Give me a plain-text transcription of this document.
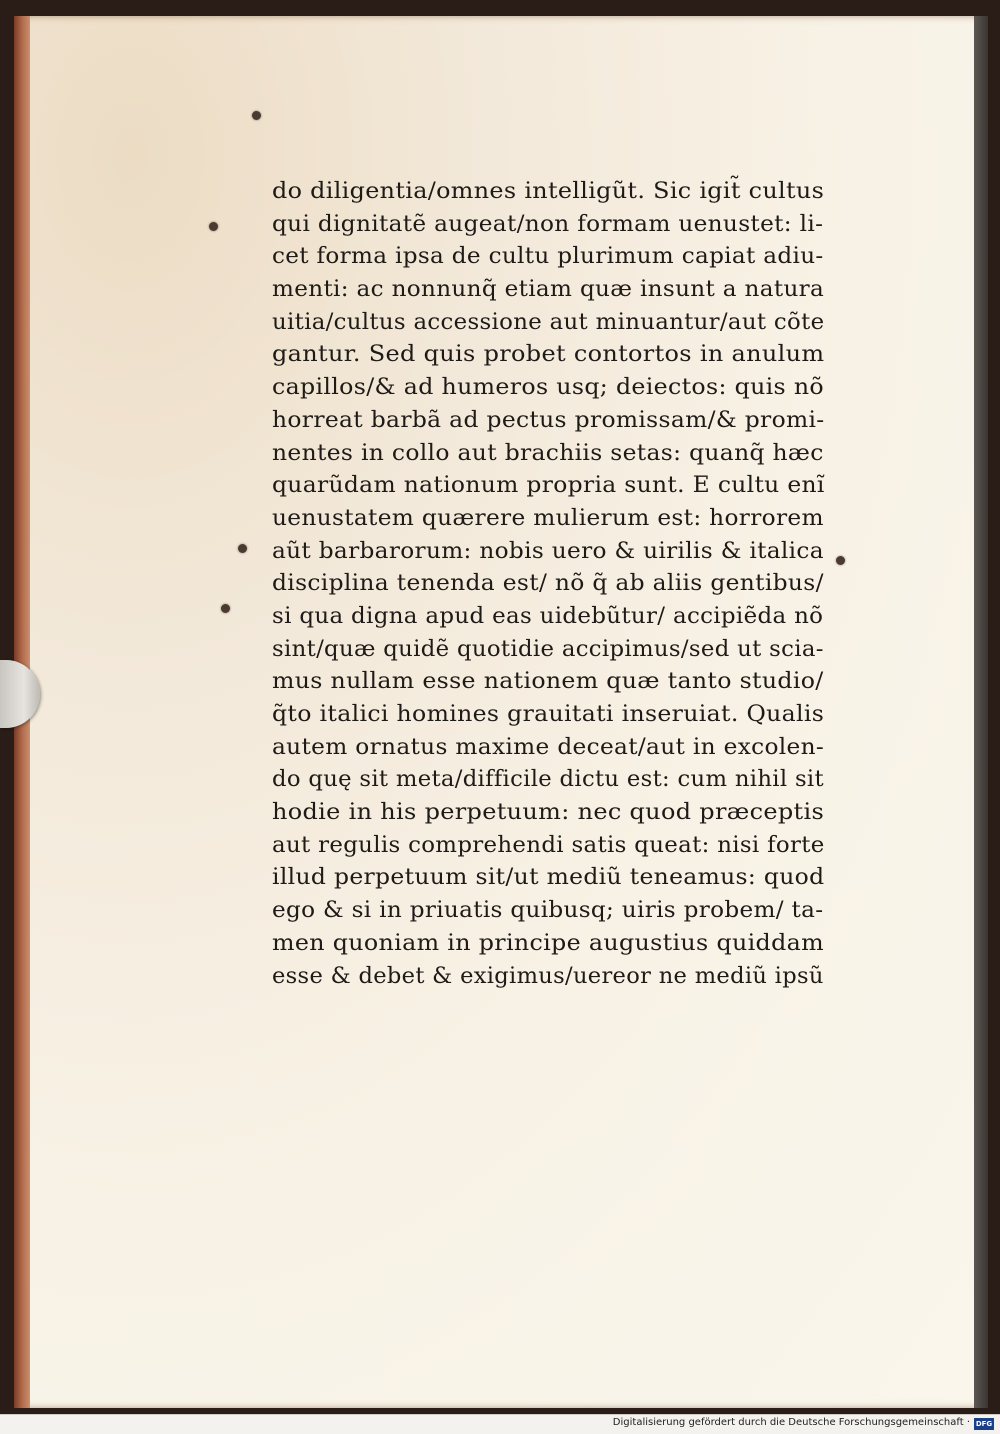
do diligentia/omnes intelligũt. Sic igit̃ cultus
qui dignitatẽ augeat/non formam uenustet: li-
cet forma ipsa de cultu plurimum capiat adiu-
menti: ac nonnunq̃ etiam quæ insunt a natura
uitia/cultus accessione aut minuantur/aut cõte
gantur. Sed quis probet contortos in anulum
capillos/& ad humeros usq; deiectos: quis nõ
horreat barbã ad pectus promissam/& promi-
nentes in collo aut brachiis setas: quanq̃ hæc
quarũdam nationum propria sunt. E cultu enĩ
uenustatem quærere mulierum est: horrorem
aũt barbarorum: nobis uero & uirilis & italica
disciplina tenenda est/ nõ q̃ ab aliis gentibus/
si qua digna apud eas uidebũtur/ accipiẽda nõ
sint/quæ quidẽ quotidie accipimus/sed ut scia-
mus nullam esse nationem quæ tanto studio/
q̃to italici homines grauitati inseruiat. Qualis
autem ornatus maxime deceat/aut in excolen-
do quę sit meta/difficile dictu est: cum nihil sit
hodie in his perpetuum: nec quod præceptis
aut regulis comprehendi satis queat: nisi forte
illud perpetuum sit/ut mediũ teneamus: quod
ego & si in priuatis quibusq; uiris probem/ ta-
men quoniam in principe augustius quiddam
esse & debet & exigimus/uereor ne mediũ ipsũ

Digitalisierung gefördert durch die Deutsche Forschungsgemeinschaft · DFG
